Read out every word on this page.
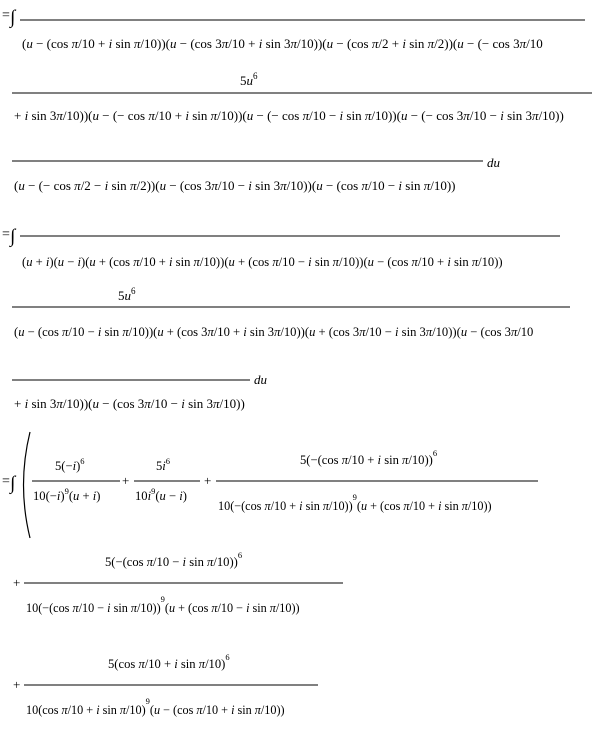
= ∫
(u − (cos π/10 + i sin π/10))(u − (cos 3π/10 + i sin 3π/10))(u − (cos π/2 + i sin π/2))(u − (− cos 3π/10
$5u^6$
+ i sin 3π/10))(u − (− cos π/10 + i sin π/10))(u − (− cos π/10 − i sin π/10))(u − (− cos 3π/10 − i sin 3π/10))
(u − (− cos π/2 − i sin π/2))(u − (cos 3π/10 − i sin 3π/10))(u − (cos π/10 − i sin π/10))
du
= ∫
(u + i)(u − i)(u + (cos π/10 + i sin π/10))(u + (cos π/10 − i sin π/10))(u − (cos π/10 + i sin π/10))
$5u^6$
(u − (cos π/10 − i sin π/10))(u + (cos 3π/10 + i sin 3π/10))(u + (cos 3π/10 − i sin 3π/10))(u − (cos 3π/10
+ i sin 3π/10))(u − (cos 3π/10 − i sin 3π/10))
du
= ∫
$5(-i)^6$
$10(-i)^9(u + i)$
+
$5i^6$
$10i^9(u - i)$
+
5(−(cos π/10 + i sin π/10))$^6$
10(−(cos π/10 + i sin π/10))$^9$(u + (cos π/10 + i sin π/10))
+
5(−(cos π/10 − i sin π/10))$^6$
10(−(cos π/10 − i sin π/10))$^9$(u + (cos π/10 − i sin π/10))
+
5(cos π/10 + i sin π/10)$^6$
10(cos π/10 + i sin π/10)$^9$(u − (cos π/10 + i sin π/10))
